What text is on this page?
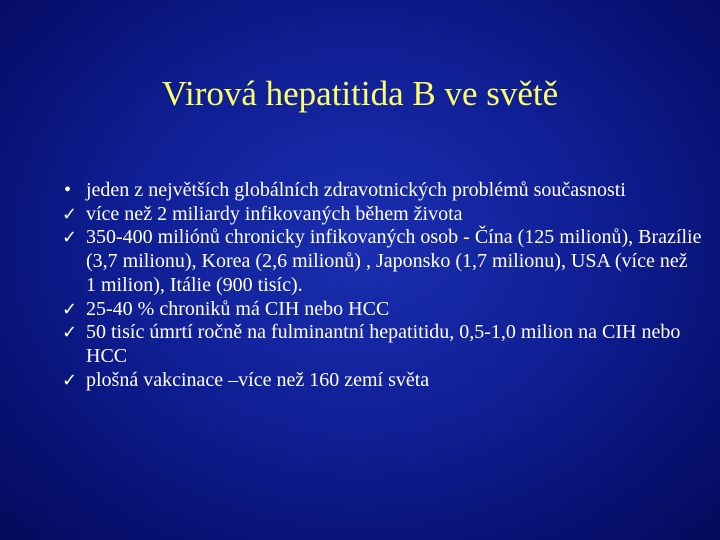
Virová hepatitida B ve světě
• jeden z největších globálních zdravotnických problémů současnosti
✓ více než 2 miliardy infikovaných během života
✓ 350-400 miliónů chronicky infikovaných osob - Čína (125 milionů), Brazílie (3,7 milionu), Korea (2,6 milionů) , Japonsko (1,7 milionu), USA (více než 1 milion), Itálie (900 tisíc).
✓ 25-40 % chroniků má CIH nebo HCC
✓ 50 tisíc úmrtí ročně na fulminantní hepatitidu, 0,5-1,0 milion na CIH nebo HCC
✓ plošná vakcinace –více než 160 zemí světa
